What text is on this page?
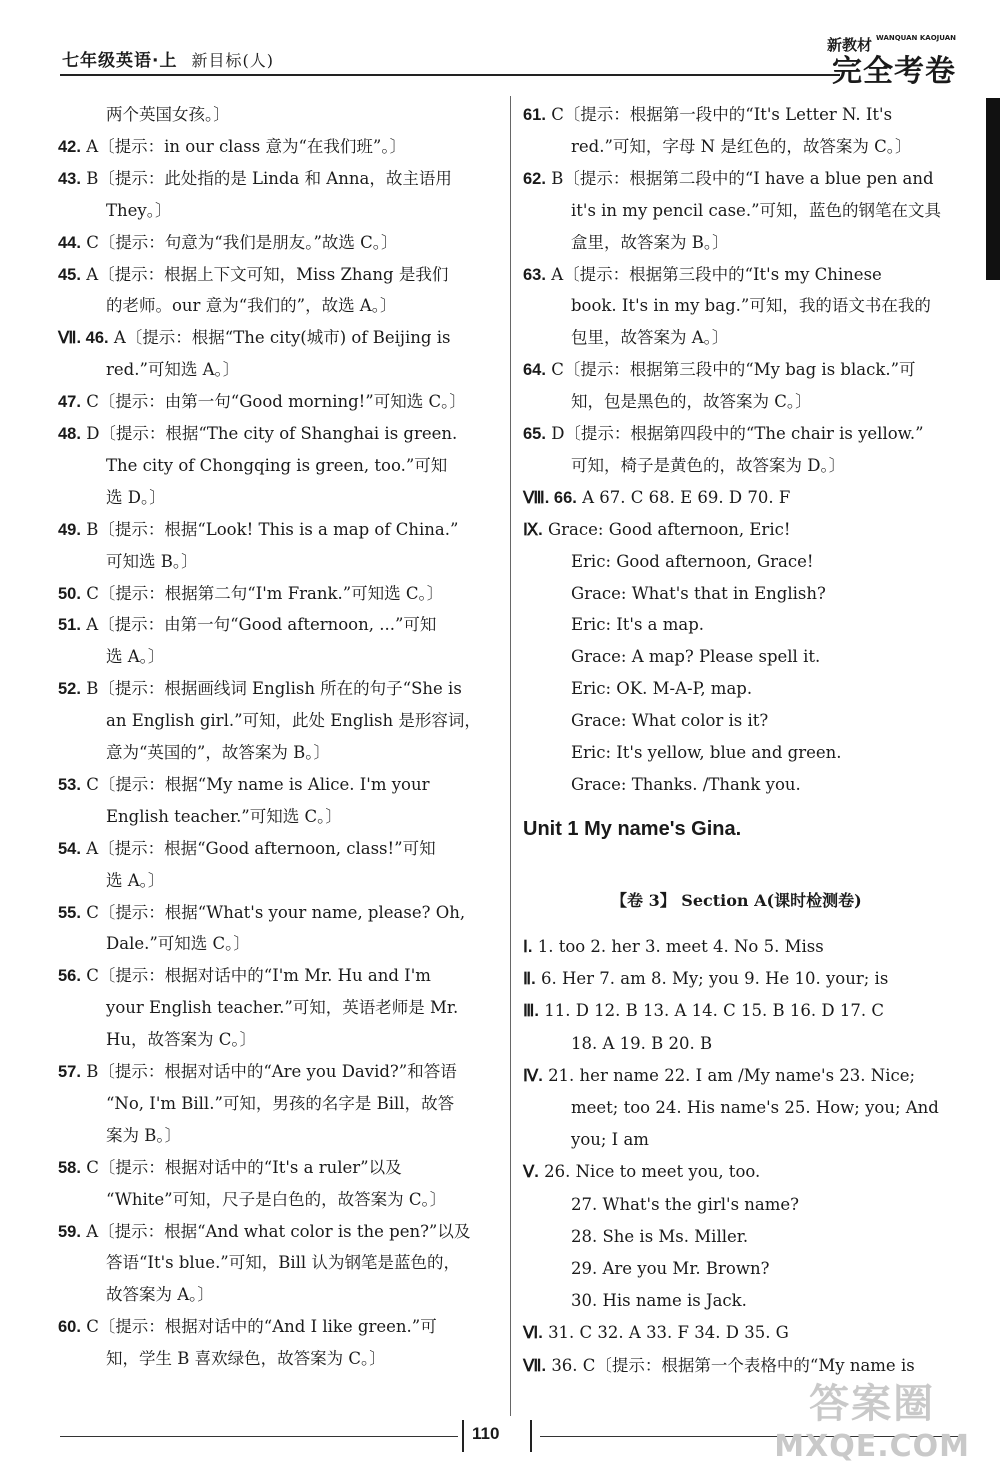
七年级英语·上 新目标(人)
新教材 WANQUAN KAOJUAN
完全考卷
两个英国女孩。〕
42. A〔提示：in our class 意为“在我们班”。〕
43. B〔提示：此处指的是 Linda 和 Anna，故主语用
They。〕
44. C〔提示：句意为“我们是朋友。”故选 C。〕
45. A〔提示：根据上下文可知，Miss Zhang 是我们
的老师。our 意为“我们的”，故选 A。〕
Ⅶ. 46. A〔提示：根据“The city(城市) of Beijing is
red.”可知选 A。〕
47. C〔提示：由第一句“Good morning!”可知选 C。〕
48. D〔提示：根据“The city of Shanghai is green.
The city of Chongqing is green, too.”可知
选 D。〕
49. B〔提示：根据“Look! This is a map of China.”
可知选 B。〕
50. C〔提示：根据第二句“I'm Frank.”可知选 C。〕
51. A〔提示：由第一句“Good afternoon, ...”可知
选 A。〕
52. B〔提示：根据画线词 English 所在的句子“She is
an English girl.”可知，此处 English 是形容词，
意为“英国的”，故答案为 B。〕
53. C〔提示：根据“My name is Alice. I'm your
English teacher.”可知选 C。〕
54. A〔提示：根据“Good afternoon, class!”可知
选 A。〕
55. C〔提示：根据“What's your name, please? Oh,
Dale.”可知选 C。〕
56. C〔提示：根据对话中的“I'm Mr. Hu and I'm
your English teacher.”可知，英语老师是 Mr.
Hu，故答案为 C。〕
57. B〔提示：根据对话中的“Are you David?”和答语
“No, I'm Bill.”可知，男孩的名字是 Bill，故答
案为 B。〕
58. C〔提示：根据对话中的“It's a ruler”以及
“White”可知，尺子是白色的，故答案为 C。〕
59. A〔提示：根据“And what color is the pen?”以及
答语“It's blue.”可知，Bill 认为钢笔是蓝色的，
故答案为 A。〕
60. C〔提示：根据对话中的“And I like green.”可
知，学生 B 喜欢绿色，故答案为 C。〕
Unit 1 My name's Gina.
【卷 3】 Section A(课时检测卷)
61. C〔提示：根据第一段中的“It's Letter N. It's
red.”可知，字母 N 是红色的，故答案为 C。〕
62. B〔提示：根据第二段中的“I have a blue pen and
it's in my pencil case.”可知，蓝色的钢笔在文具
盒里，故答案为 B。〕
63. A〔提示：根据第三段中的“It's my Chinese
book. It's in my bag.”可知，我的语文书在我的
包里，故答案为 A。〕
64. C〔提示：根据第三段中的“My bag is black.”可
知，包是黑色的，故答案为 C。〕
65. D〔提示：根据第四段中的“The chair is yellow.”
可知，椅子是黄色的，故答案为 D。〕
Ⅷ. 66. A 67. C 68. E 69. D 70. F
Ⅸ. Grace: Good afternoon, Eric!
Eric: Good afternoon, Grace!
Grace: What's that in English?
Eric: It's a map.
Grace: A map? Please spell it.
Eric: OK. M-A-P, map.
Grace: What color is it?
Eric: It's yellow, blue and green.
Grace: Thanks. /Thank you.
Ⅰ. 1. too 2. her 3. meet 4. No 5. Miss
Ⅱ. 6. Her 7. am 8. My; you 9. He 10. your; is
Ⅲ. 11. D 12. B 13. A 14. C 15. B 16. D 17. C
18. A 19. B 20. B
Ⅳ. 21. her name 22. I am /My name's 23. Nice;
meet; too 24. His name's 25. How; you; And
you; I am
Ⅴ. 26. Nice to meet you, too.
27. What's the girl's name?
28. She is Ms. Miller.
29. Are you Mr. Brown?
30. His name is Jack.
Ⅵ. 31. C 32. A 33. F 34. D 35. G
Ⅶ. 36. C〔提示：根据第一个表格中的“My name is
110
答案圈
MXQE.COM
